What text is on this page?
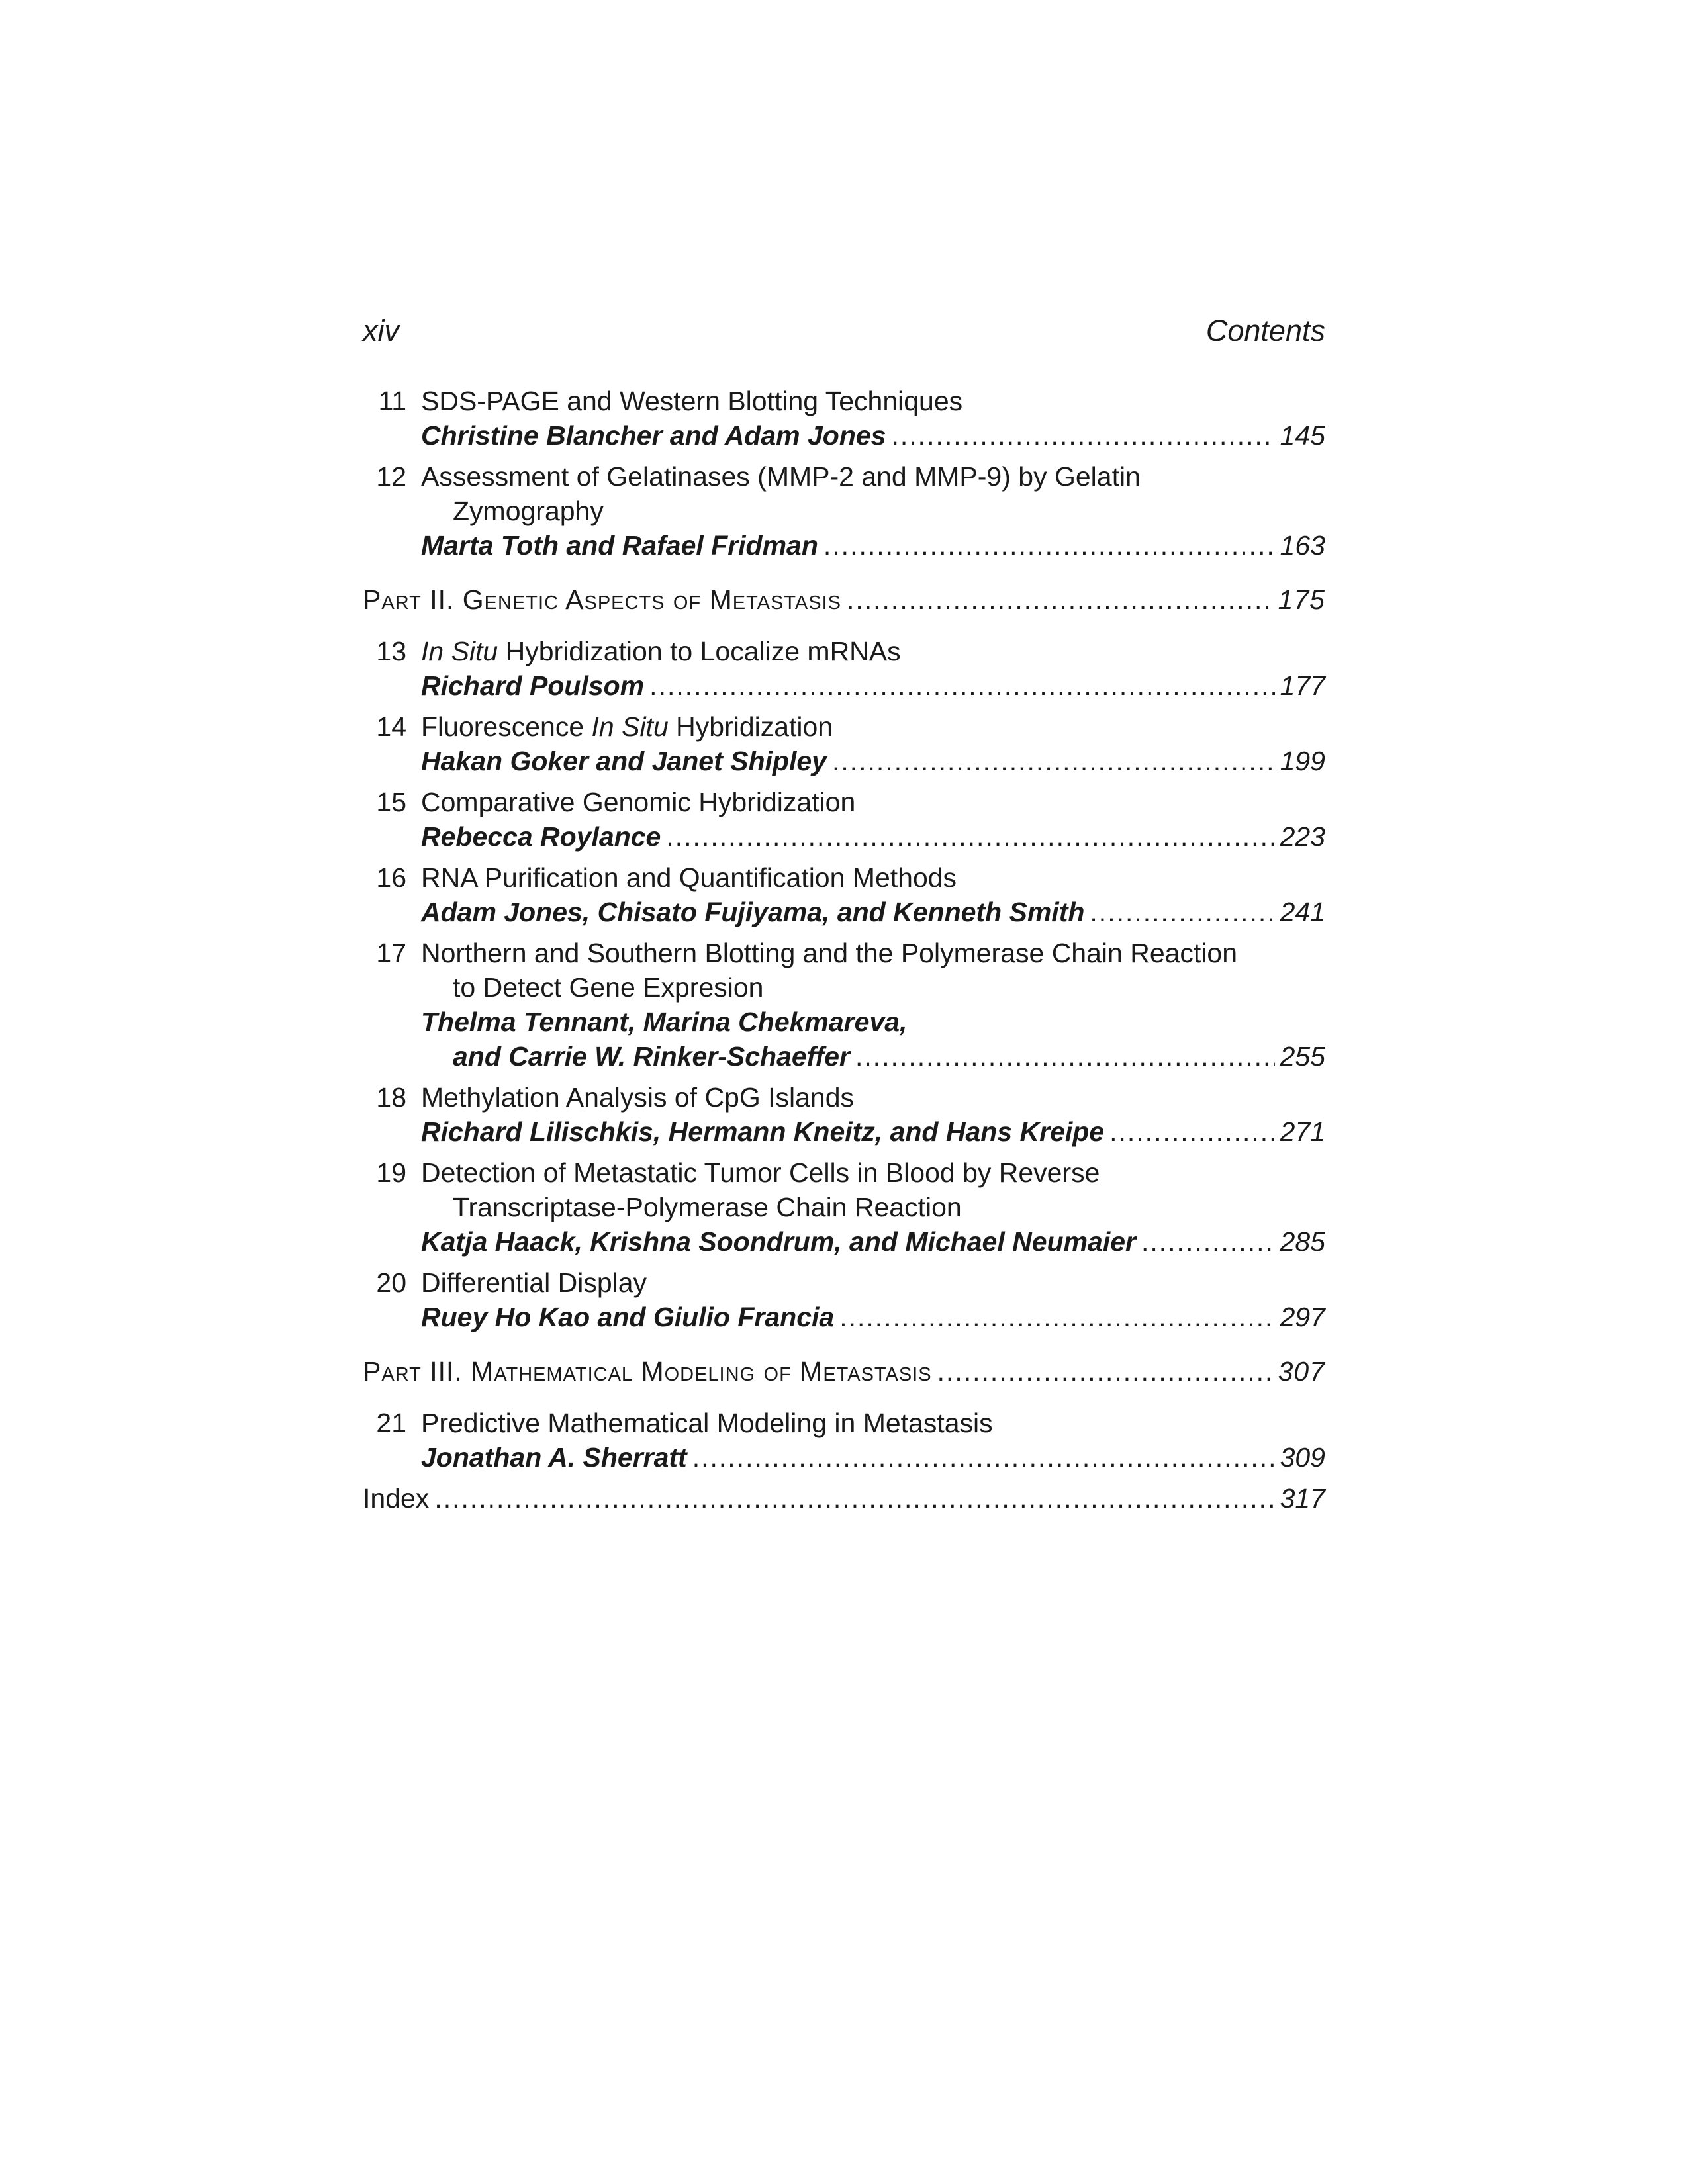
xiv	Contents
11 SDS-PAGE and Western Blotting Techniques
Christine Blancher and Adam Jones .....	145
12 Assessment of Gelatinases (MMP-2 and MMP-9) by Gelatin
Zymography
Marta Toth and Rafael Fridman .....	163
Part II. Genetic Aspects of Metastasis .....	175
13 In Situ Hybridization to Localize mRNAs
Richard Poulsom .....	177
14 Fluorescence In Situ Hybridization
Hakan Goker and Janet Shipley .....	199
15 Comparative Genomic Hybridization
Rebecca Roylance .....	223
16 RNA Purification and Quantification Methods
Adam Jones, Chisato Fujiyama, and Kenneth Smith .....	241
17 Northern and Southern Blotting and the Polymerase Chain Reaction
to Detect Gene Expresion
Thelma Tennant, Marina Chekmareva,
and Carrie W. Rinker-Schaeffer .....	255
18 Methylation Analysis of CpG Islands
Richard Lilischkis, Hermann Kneitz, and Hans Kreipe .....	271
19 Detection of Metastatic Tumor Cells in Blood by Reverse
Transcriptase-Polymerase Chain Reaction
Katja Haack, Krishna Soondrum, and Michael Neumaier .....	285
20 Differential Display
Ruey Ho Kao and Giulio Francia .....	297
Part III. Mathematical Modeling of Metastasis .....	307
21 Predictive Mathematical Modeling in Metastasis
Jonathan A. Sherratt .....	309
Index .....	317
